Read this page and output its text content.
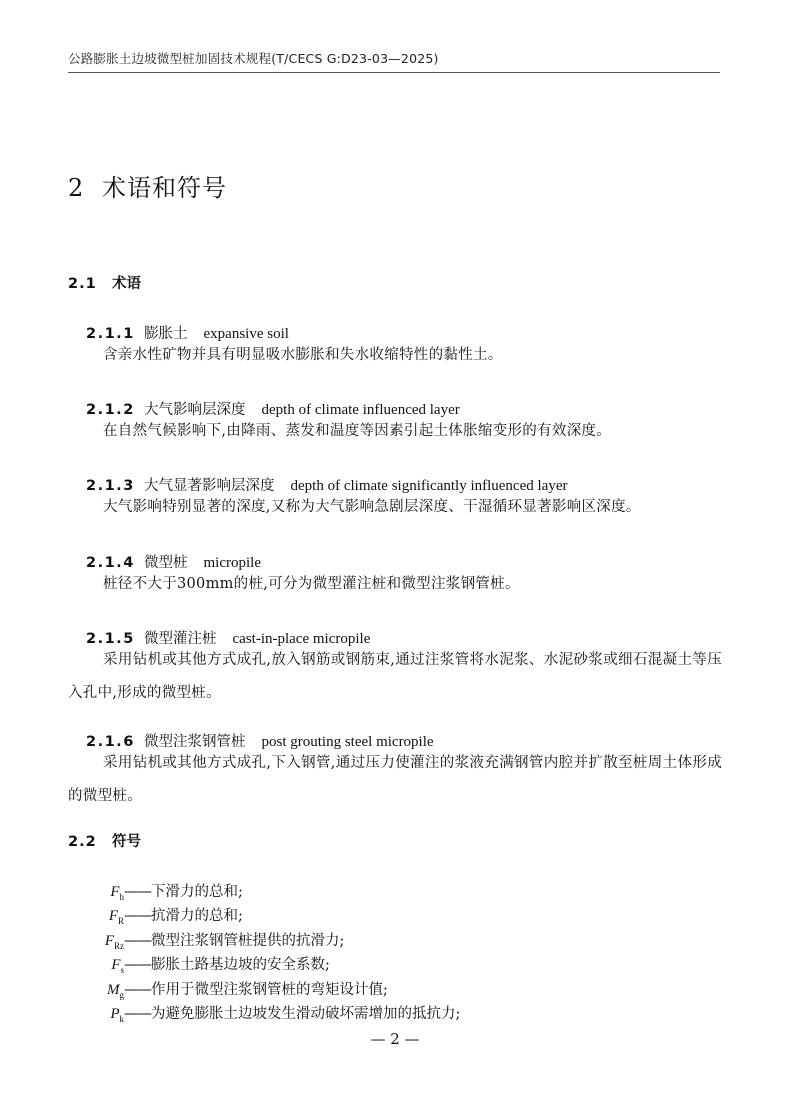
公路膨胀土边坡微型桩加固技术规程(T/CECS G:D23-03—2025)
2 术语和符号
2.1 术语
2.1.1 膨胀土 expansive soil
含亲水性矿物并具有明显吸水膨胀和失水收缩特性的黏性土。
2.1.2 大气影响层深度 depth of climate influenced layer
在自然气候影响下,由降雨、蒸发和温度等因素引起土体胀缩变形的有效深度。
2.1.3 大气显著影响层深度 depth of climate significantly influenced layer
大气影响特别显著的深度,又称为大气影响急剧层深度、干湿循环显著影响区深度。
2.1.4 微型桩 micropile
桩径不大于300mm的桩,可分为微型灌注桩和微型注浆钢管桩。
2.1.5 微型灌注桩 cast-in-place micropile
采用钻机或其他方式成孔,放入钢筋或钢筋束,通过注浆管将水泥浆、水泥砂浆或细石混凝土等压入孔中,形成的微型桩。
2.1.6 微型注浆钢管桩 post grouting steel micropile
采用钻机或其他方式成孔,下入钢管,通过压力使灌注的浆液充满钢管内腔并扩散至桩周土体形成的微型桩。
2.2 符号
$F_h——$下滑力的总和;
$F_R——$抗滑力的总和;
$F_{Rz}——$微型注浆钢管桩提供的抗滑力;
$F_s——$膨胀土路基边坡的安全系数;
$M_g——$作用于微型注浆钢管桩的弯矩设计值;
$P_k——$为避免膨胀土边坡发生滑动破坏需增加的抵抗力;
— 2 —
